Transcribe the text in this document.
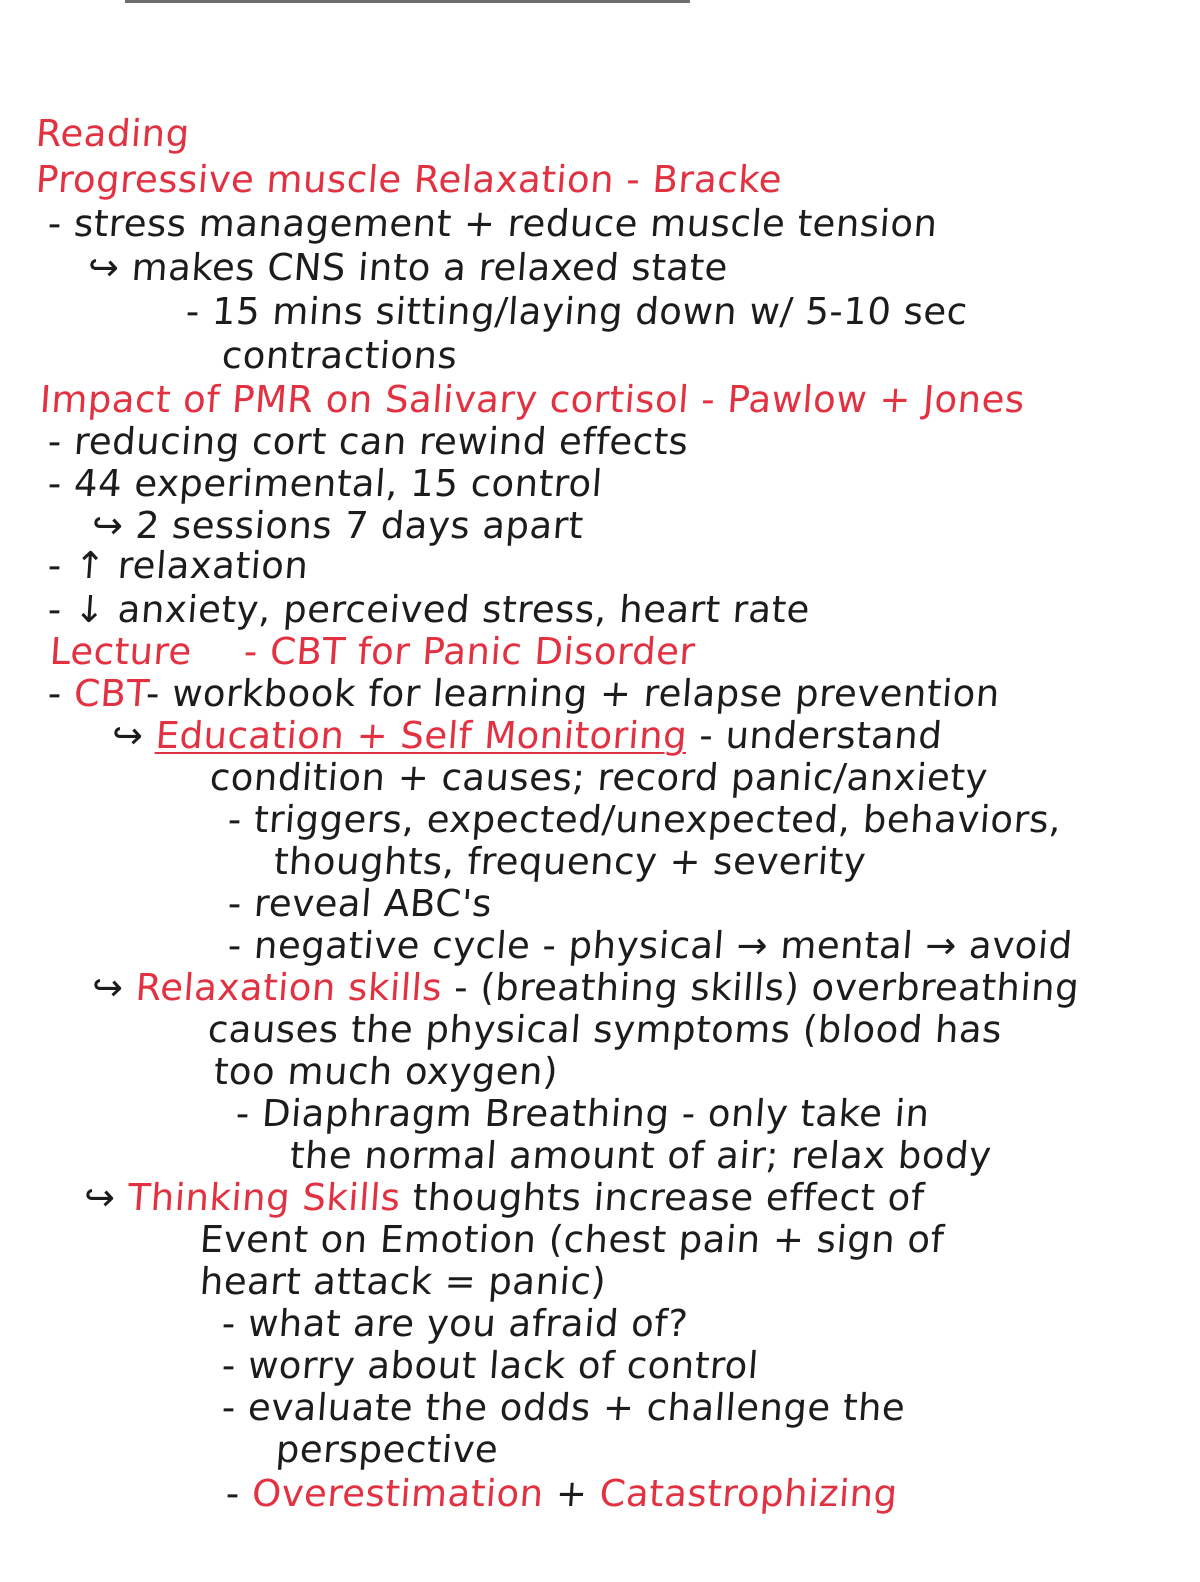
Reading
Progressive muscle Relaxation - Bracke
- stress management + reduce muscle tension
↪ makes CNS into a relaxed state
- 15 mins sitting/laying down w/ 5-10 sec
contractions
Impact of PMR on Salivary cortisol - Pawlow + Jones
- reducing cort can rewind effects
- 44 experimental, 15 control
↪ 2 sessions 7 days apart
- ↑ relaxation
- ↓ anxiety, perceived stress, heart rate
Lecture - CBT for Panic Disorder
- CBT- workbook for learning + relapse prevention
↪ Education + Self Monitoring - understand
condition + causes; record panic/anxiety
- triggers, expected/unexpected, behaviors,
thoughts, frequency + severity
- reveal ABC's
- negative cycle - physical → mental → avoid
↪ Relaxation skills - (breathing skills) overbreathing
causes the physical symptoms (blood has
too much oxygen)
- Diaphragm Breathing - only take in
the normal amount of air; relax body
↪ Thinking Skills thoughts increase effect of
Event on Emotion (chest pain + sign of
heart attack = panic)
- what are you afraid of?
- worry about lack of control
- evaluate the odds + challenge the
perspective
- Overestimation + Catastrophizing
